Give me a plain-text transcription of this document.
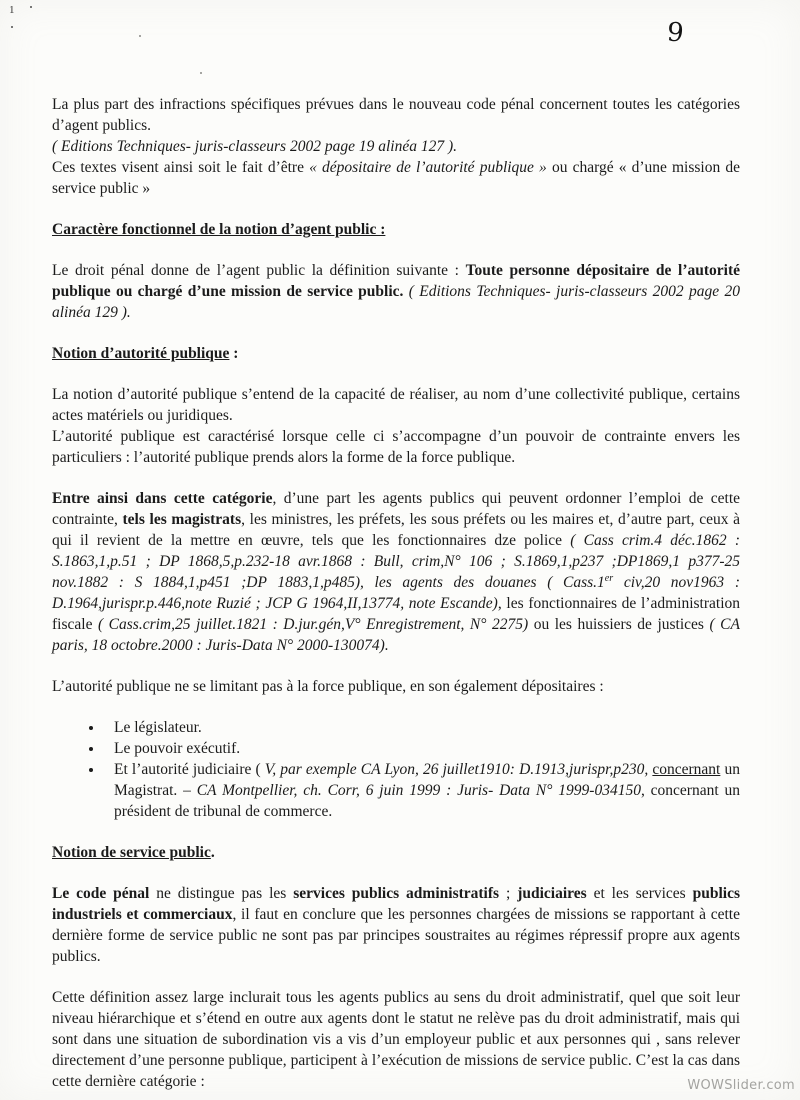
1
9
La plus part des infractions spécifiques prévues dans le nouveau code pénal concernent toutes les catégories d’agent publics.
( Editions Techniques- juris-classeurs 2002 page 19 alinéa 127 ).
Ces textes visent ainsi soit le fait d’être « dépositaire de l’autorité publique » ou chargé « d’une mission de service public »
Caractère fonctionnel de la notion d’agent public :
Le droit pénal donne de l’agent public la définition suivante : Toute personne dépositaire de l’autorité publique ou chargé d’une mission de service public. ( Editions Techniques- juris-classeurs 2002 page 20 alinéa 129 ).
Notion d’autorité publique :
La notion d’autorité publique s’entend de la capacité de réaliser, au nom d’une collectivité publique, certains actes matériels ou juridiques.
L’autorité publique est caractérisé lorsque celle ci s’accompagne d’un pouvoir de contrainte envers les particuliers : l’autorité publique prends alors la forme de la force publique.
Entre ainsi dans cette catégorie, d’une part les agents publics qui peuvent ordonner l’emploi de cette contrainte, tels les magistrats, les ministres, les préfets, les sous préfets ou les maires et, d’autre part, ceux à qui il revient de la mettre en œuvre, tels que les fonctionnaires dze police ( Cass crim.4 déc.1862 : S.1863,1,p.51 ; DP 1868,5,p.232-18 avr.1868 : Bull, crim,N° 106 ; S.1869,1,p237 ;DP1869,1 p377-25 nov.1882 : S 1884,1,p451 ;DP 1883,1,p485), les agents des douanes ( Cass.1er civ,20 nov1963 : D.1964,jurispr.p.446,note Ruzié ; JCP G 1964,II,13774, note Escande), les fonctionnaires de l’administration fiscale ( Cass.crim,25 juillet.1821 : D.jur.gén,V° Enregistrement, N° 2275) ou les huissiers de justices ( CA paris, 18 octobre.2000 : Juris-Data N° 2000-130074).
L’autorité publique ne se limitant pas à la force publique, en son également dépositaires :
• Le législateur.
• Le pouvoir exécutif.
• Et l’autorité judiciaire ( V, par exemple CA Lyon, 26 juillet1910: D.1913,jurispr,p230, concernant un Magistrat. – CA Montpellier, ch. Corr, 6 juin 1999 : Juris- Data N° 1999-034150, concernant un président de tribunal de commerce.
Notion de service public.
Le code pénal ne distingue pas les services publics administratifs ; judiciaires et les services publics industriels et commerciaux, il faut en conclure que les personnes chargées de missions se rapportant à cette dernière forme de service public ne sont pas par principes soustraites au régimes répressif propre aux agents publics.
Cette définition assez large inclurait tous les agents publics au sens du droit administratif, quel que soit leur niveau hiérarchique et s’étend en outre aux agents dont le statut ne relève pas du droit administratif, mais qui sont dans une situation de subordination vis a vis d’un employeur public et aux personnes qui , sans relever directement d’une personne publique, participent à l’exécution de missions de service public. C’est la cas dans cette dernière catégorie :	WOWSlider.com
